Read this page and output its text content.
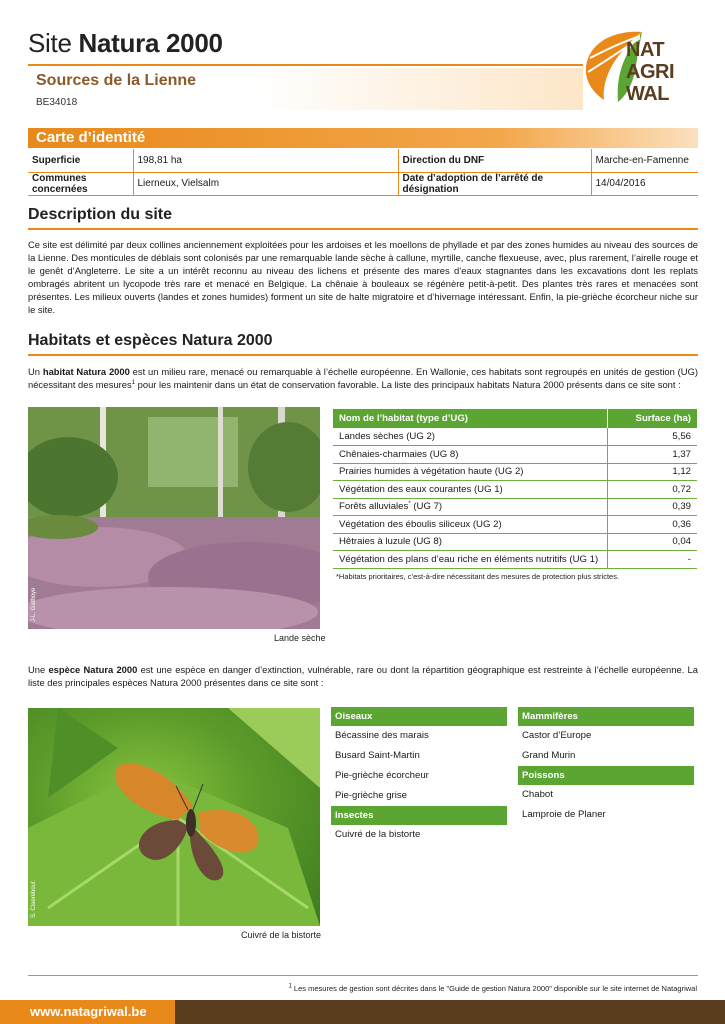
Site Natura 2000
Sources de la Lienne
BE34018
NAT
AGRI
WAL
Carte d’identité
Superficie	198,81 ha	Direction du DNF	Marche-en-Famenne
Communes concernées	Lierneux, Vielsalm	Date d’adoption de l’arrêté de désignation	14/04/2016
Description du site
Ce site est délimité par deux collines anciennement exploitées pour les ardoises et les moellons de phyllade et par des zones humides au niveau des sources de la Lienne. Des monticules de déblais sont colonisés par une remarquable lande sèche à callune, myrtille, canche flexueuse, avec, plus rarement, l’airelle rouge et le genêt d’Angleterre. Le site a un intérêt reconnu au niveau des lichens et présente des mares d’eaux stagnantes dans les excavations dont les replats ombragés abritent un lycopode très rare et menacé en Belgique. La chênaie à bouleaux se régénère petit-à-petit. Des plantes très rares et menacées sont présentes. Les milieux ouverts (landes et zones humides) forment un site de halte migratoire et d’hivernage intéressant. Enfin, la pie-grièche écorcheur niche sur le site.
Habitats et espèces Natura 2000
Un habitat Natura 2000 est un milieu rare, menacé ou remarquable à l’échelle européenne. En Wallonie, ces habitats sont regroupés en unités de gestion (UG) nécessitant des mesures$^1$ pour les maintenir dans un état de conservation favorable. La liste des principaux habitats Natura 2000 présents dans ce site sont :
J-L. Gathoye
Lande sèche
Nom de l’habitat (type d’UG)	Surface (ha)
Landes sèches (UG 2)	5,56
Chênaies-charmaies (UG 8)	1,37
Prairies humides à végétation haute (UG 2)	1,12
Végétation des eaux courantes (UG 1)	0,72
Forêts alluviales* (UG 7)	0,39
Végétation des éboulis siliceux (UG 2)	0,36
Hêtraies à luzule (UG 8)	0,04
Végétation des plans d’eau riche en éléments nutritifs (UG 1)	-
*Habitats prioritaires, c’est-à-dire nécessitant des mesures de protection plus strictes.
Une espèce Natura 2000 est une espèce en danger d’extinction, vulnérable, rare ou dont la répartition géographique est restreinte à l’échelle européenne. La liste des principales espèces Natura 2000 présentes dans ce site sont :
S. Claerebout
Cuivré de la bistorte
Oiseaux
Bécassine des marais
Busard Saint-Martin
Pie-grièche écorcheur
Pie-grièche grise
Insectes
Cuivré de la bistorte
Mammifères
Castor d’Europe
Grand Murin
Poissons
Chabot
Lamproie de Planer
$^1$ Les mesures de gestion sont décrites dans le "Guide de gestion Natura 2000" disponible sur le site internet de Natagriwal
www.natagriwal.be
